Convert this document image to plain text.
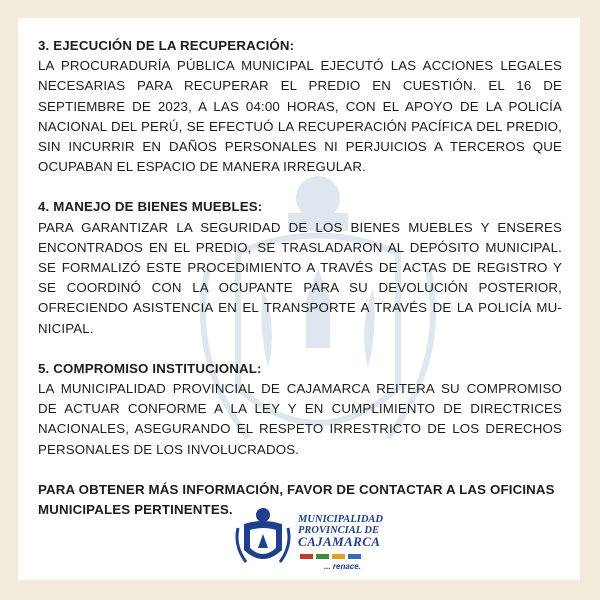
3. EJECUCIÓN DE LA RECUPERACIÓN:

LA PROCURADURÍA PÚBLICA MUNICIPAL EJECUTÓ LAS ACCIONES LEGALES NECESARIAS PARA RECUPERAR EL PREDIO EN CUESTIÓN. EL 16 DE SEPTIEMBRE DE 2023, A LAS 04:00 HORAS, CON EL APOYO DE LA POLICÍA NACIONAL DEL PERÚ, SE EFECTUÓ LA RECUPERACIÓN PACÍFICA DEL PREDIO, SIN INCURRIR EN DAÑOS PERSONALES NI PERJUICIOS A TERCEROS QUE OCUPABAN EL ESPACIO DE MANERA IRREGULAR.

4. MANEJO DE BIENES MUEBLES:

PARA GARANTIZAR LA SEGURIDAD DE LOS BIENES MUEBLES Y ENSERES ENCONTRADOS EN EL PREDIO, SE TRASLADARON AL DEPÓSITO MUNICIPAL. SE FORMALIZÓ ESTE PROCEDIMIENTO A TRAVÉS DE ACTAS DE REGISTRO Y SE COORDINÓ CON LA OCUPANTE PARA SU DEVOLUCIÓN POSTERIOR, OFRECIENDO ASISTENCIA EN EL TRANSPORTE A TRAVÉS DE LA POLICÍA MU-NICIPAL.

5. COMPROMISO INSTITUCIONAL:

LA MUNICIPALIDAD PROVINCIAL DE CAJAMARCA REITERA SU COMPROMISO DE ACTUAR CONFORME A LA LEY Y EN CUMPLIMIENTO DE DIRECTRICES NACIONALES, ASEGURANDO EL RESPETO IRRESTRICTO DE LOS DERECHOS PERSONALES DE LOS INVOLUCRADOS.

PARA OBTENER MÁS INFORMACIÓN, FAVOR DE CONTACTAR A LAS OFICINAS MUNICIPALES PERTINENTES.

MUNICIPALIDAD
PROVINCIAL DE
CAJAMARCA
... renace.
